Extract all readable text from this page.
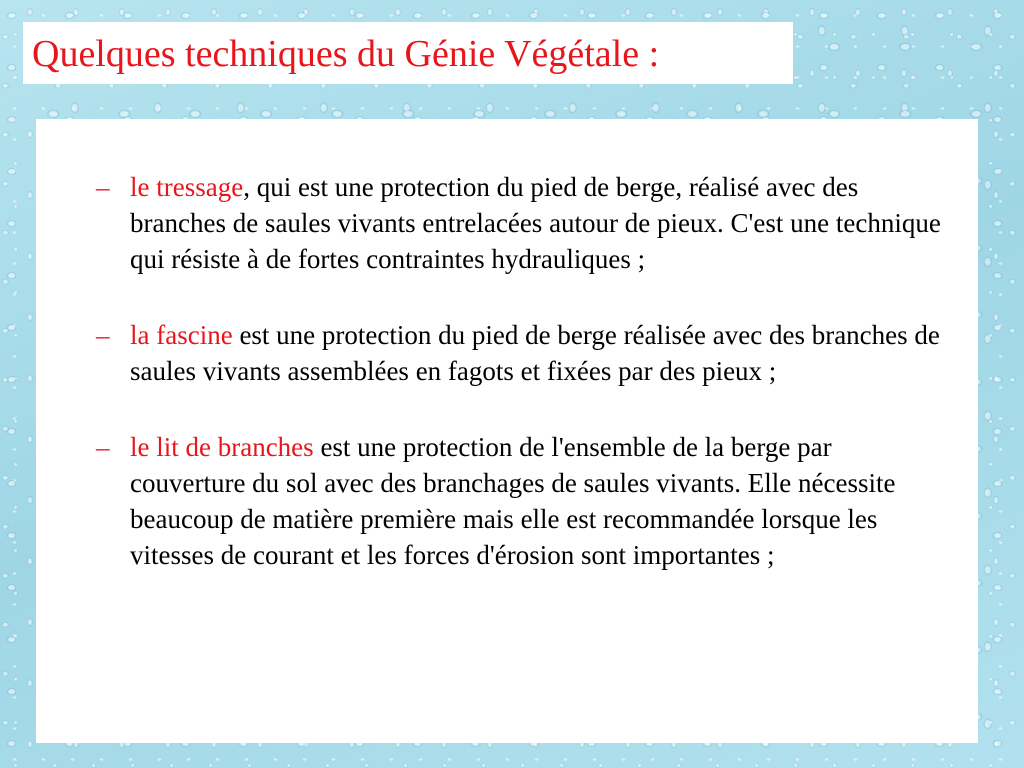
Quelques techniques du Génie Végétale :
– le tressage, qui est une protection du pied de berge, réalisé avec des branches de saules vivants entrelacées autour de pieux. C'est une technique qui résiste à de fortes contraintes hydrauliques ;
– la fascine est une protection du pied de berge réalisée avec des branches de saules vivants assemblées en fagots et fixées par des pieux ;
– le lit de branches est une protection de l'ensemble de la berge par couverture du sol avec des branchages de saules vivants. Elle nécessite beaucoup de matière première mais elle est recommandée lorsque les vitesses de courant et les forces d'érosion sont importantes ;
